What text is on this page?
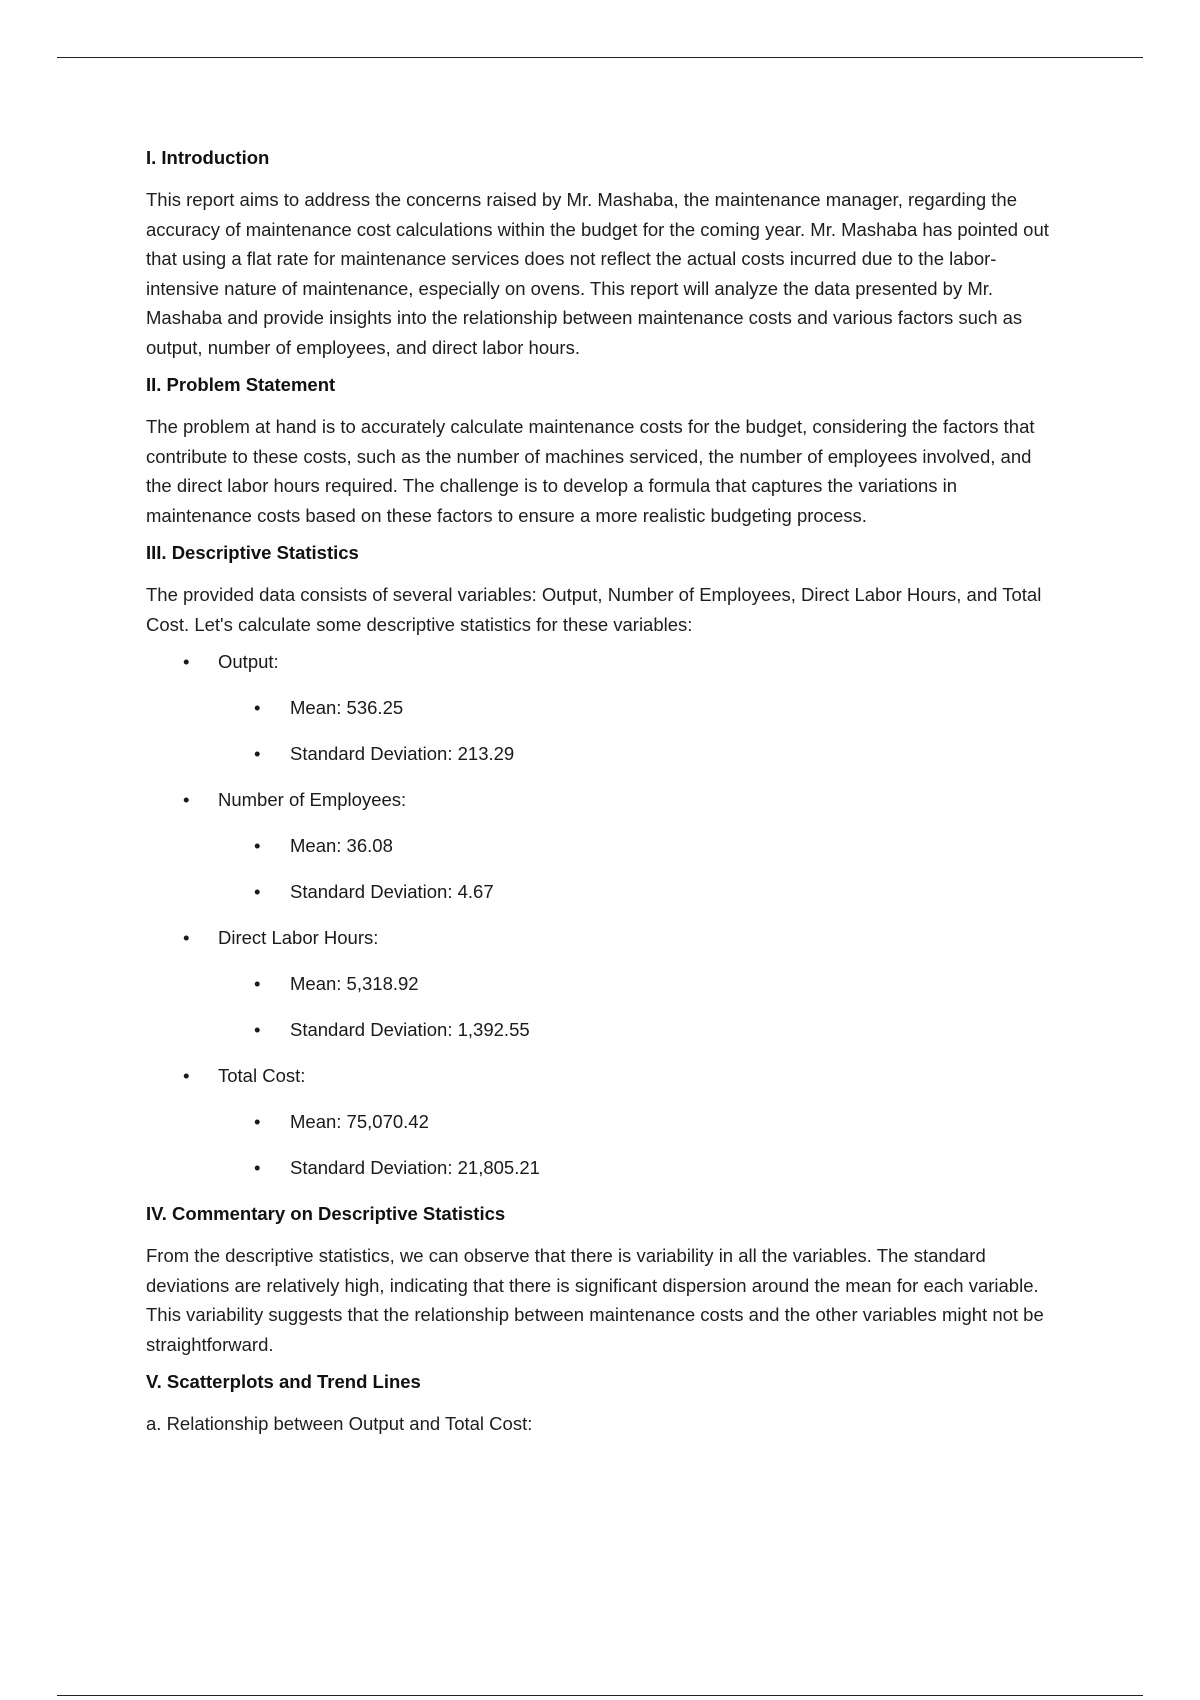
I. Introduction

This report aims to address the concerns raised by Mr. Mashaba, the maintenance manager, regarding the accuracy of maintenance cost calculations within the budget for the coming year. Mr. Mashaba has pointed out that using a flat rate for maintenance services does not reflect the actual costs incurred due to the labor-intensive nature of maintenance, especially on ovens. This report will analyze the data presented by Mr. Mashaba and provide insights into the relationship between maintenance costs and various factors such as output, number of employees, and direct labor hours.

II. Problem Statement

The problem at hand is to accurately calculate maintenance costs for the budget, considering the factors that contribute to these costs, such as the number of machines serviced, the number of employees involved, and the direct labor hours required. The challenge is to develop a formula that captures the variations in maintenance costs based on these factors to ensure a more realistic budgeting process.

III. Descriptive Statistics

The provided data consists of several variables: Output, Number of Employees, Direct Labor Hours, and Total Cost. Let's calculate some descriptive statistics for these variables:

• Output:
• Mean: 536.25
• Standard Deviation: 213.29
• Number of Employees:
• Mean: 36.08
• Standard Deviation: 4.67
• Direct Labor Hours:
• Mean: 5,318.92
• Standard Deviation: 1,392.55
• Total Cost:
• Mean: 75,070.42
• Standard Deviation: 21,805.21
IV. Commentary on Descriptive Statistics

From the descriptive statistics, we can observe that there is variability in all the variables. The standard deviations are relatively high, indicating that there is significant dispersion around the mean for each variable. This variability suggests that the relationship between maintenance costs and the other variables might not be straightforward.

V. Scatterplots and Trend Lines

a. Relationship between Output and Total Cost:
